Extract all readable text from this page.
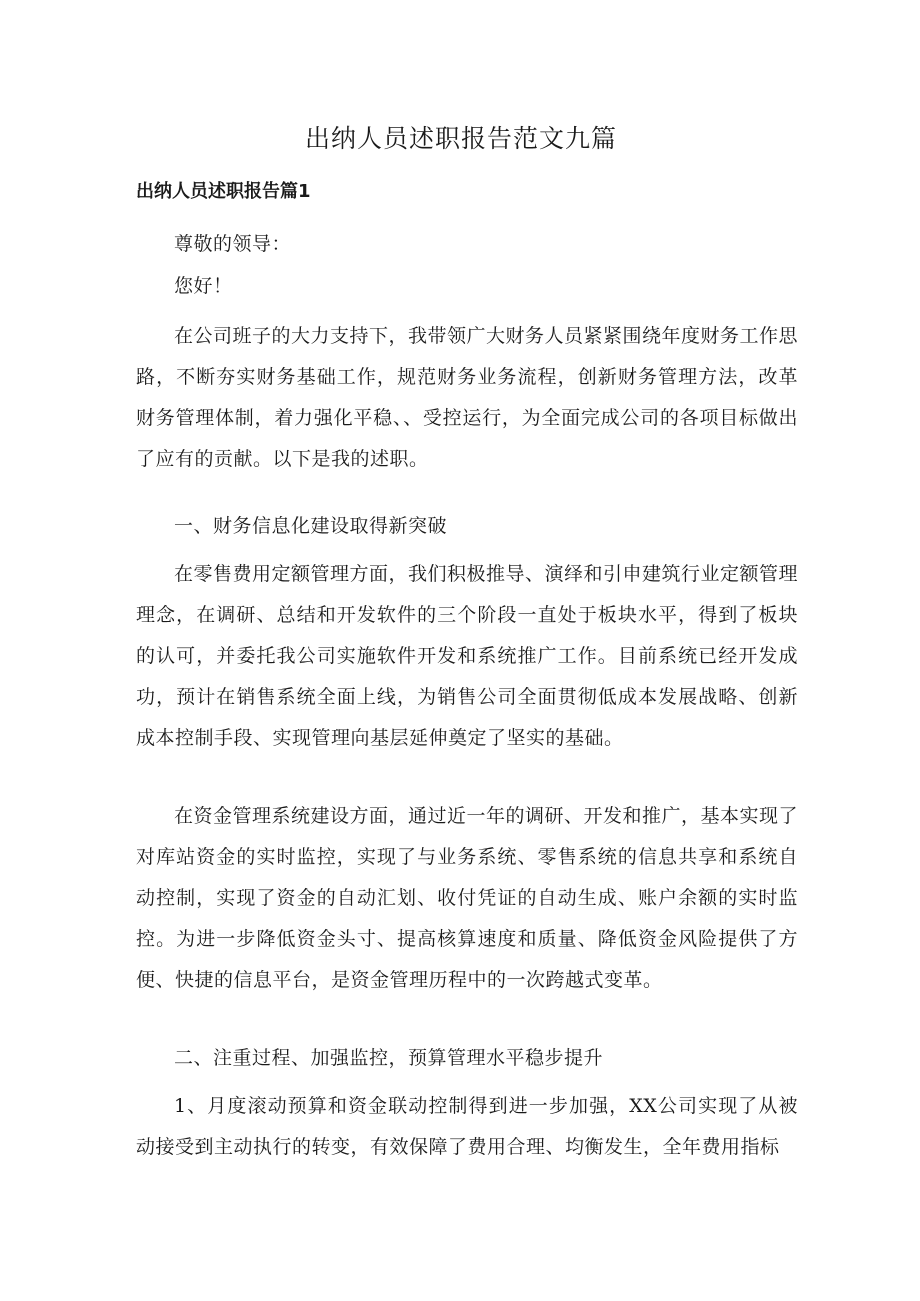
出纳人员述职报告范文九篇
出纳人员述职报告篇1

尊敬的领导：

您好！

在公司班子的大力支持下，我带领广大财务人员紧紧围绕年度财务工作思路，不断夯实财务基础工作，规范财务业务流程，创新财务管理方法，改革财务管理体制，着力强化平稳、、受控运行，为全面完成公司的各项目标做出了应有的贡献。以下是我的述职。

一、财务信息化建设取得新突破

在零售费用定额管理方面，我们积极推导、演绎和引申建筑行业定额管理理念，在调研、总结和开发软件的三个阶段一直处于板块水平，得到了板块的认可，并委托我公司实施软件开发和系统推广工作。目前系统已经开发成功，预计在销售系统全面上线，为销售公司全面贯彻低成本发展战略、创新成本控制手段、实现管理向基层延伸奠定了坚实的基础。

在资金管理系统建设方面，通过近一年的调研、开发和推广，基本实现了对库站资金的实时监控，实现了与业务系统、零售系统的信息共享和系统自动控制，实现了资金的自动汇划、收付凭证的自动生成、账户余额的实时监控。为进一步降低资金头寸、提高核算速度和质量、降低资金风险提供了方便、快捷的信息平台，是资金管理历程中的一次跨越式变革。

二、注重过程、加强监控，预算管理水平稳步提升

1、月度滚动预算和资金联动控制得到进一步加强，XX公司实现了从被动接受到主动执行的转变，有效保障了费用合理、均衡发生，全年费用指标
